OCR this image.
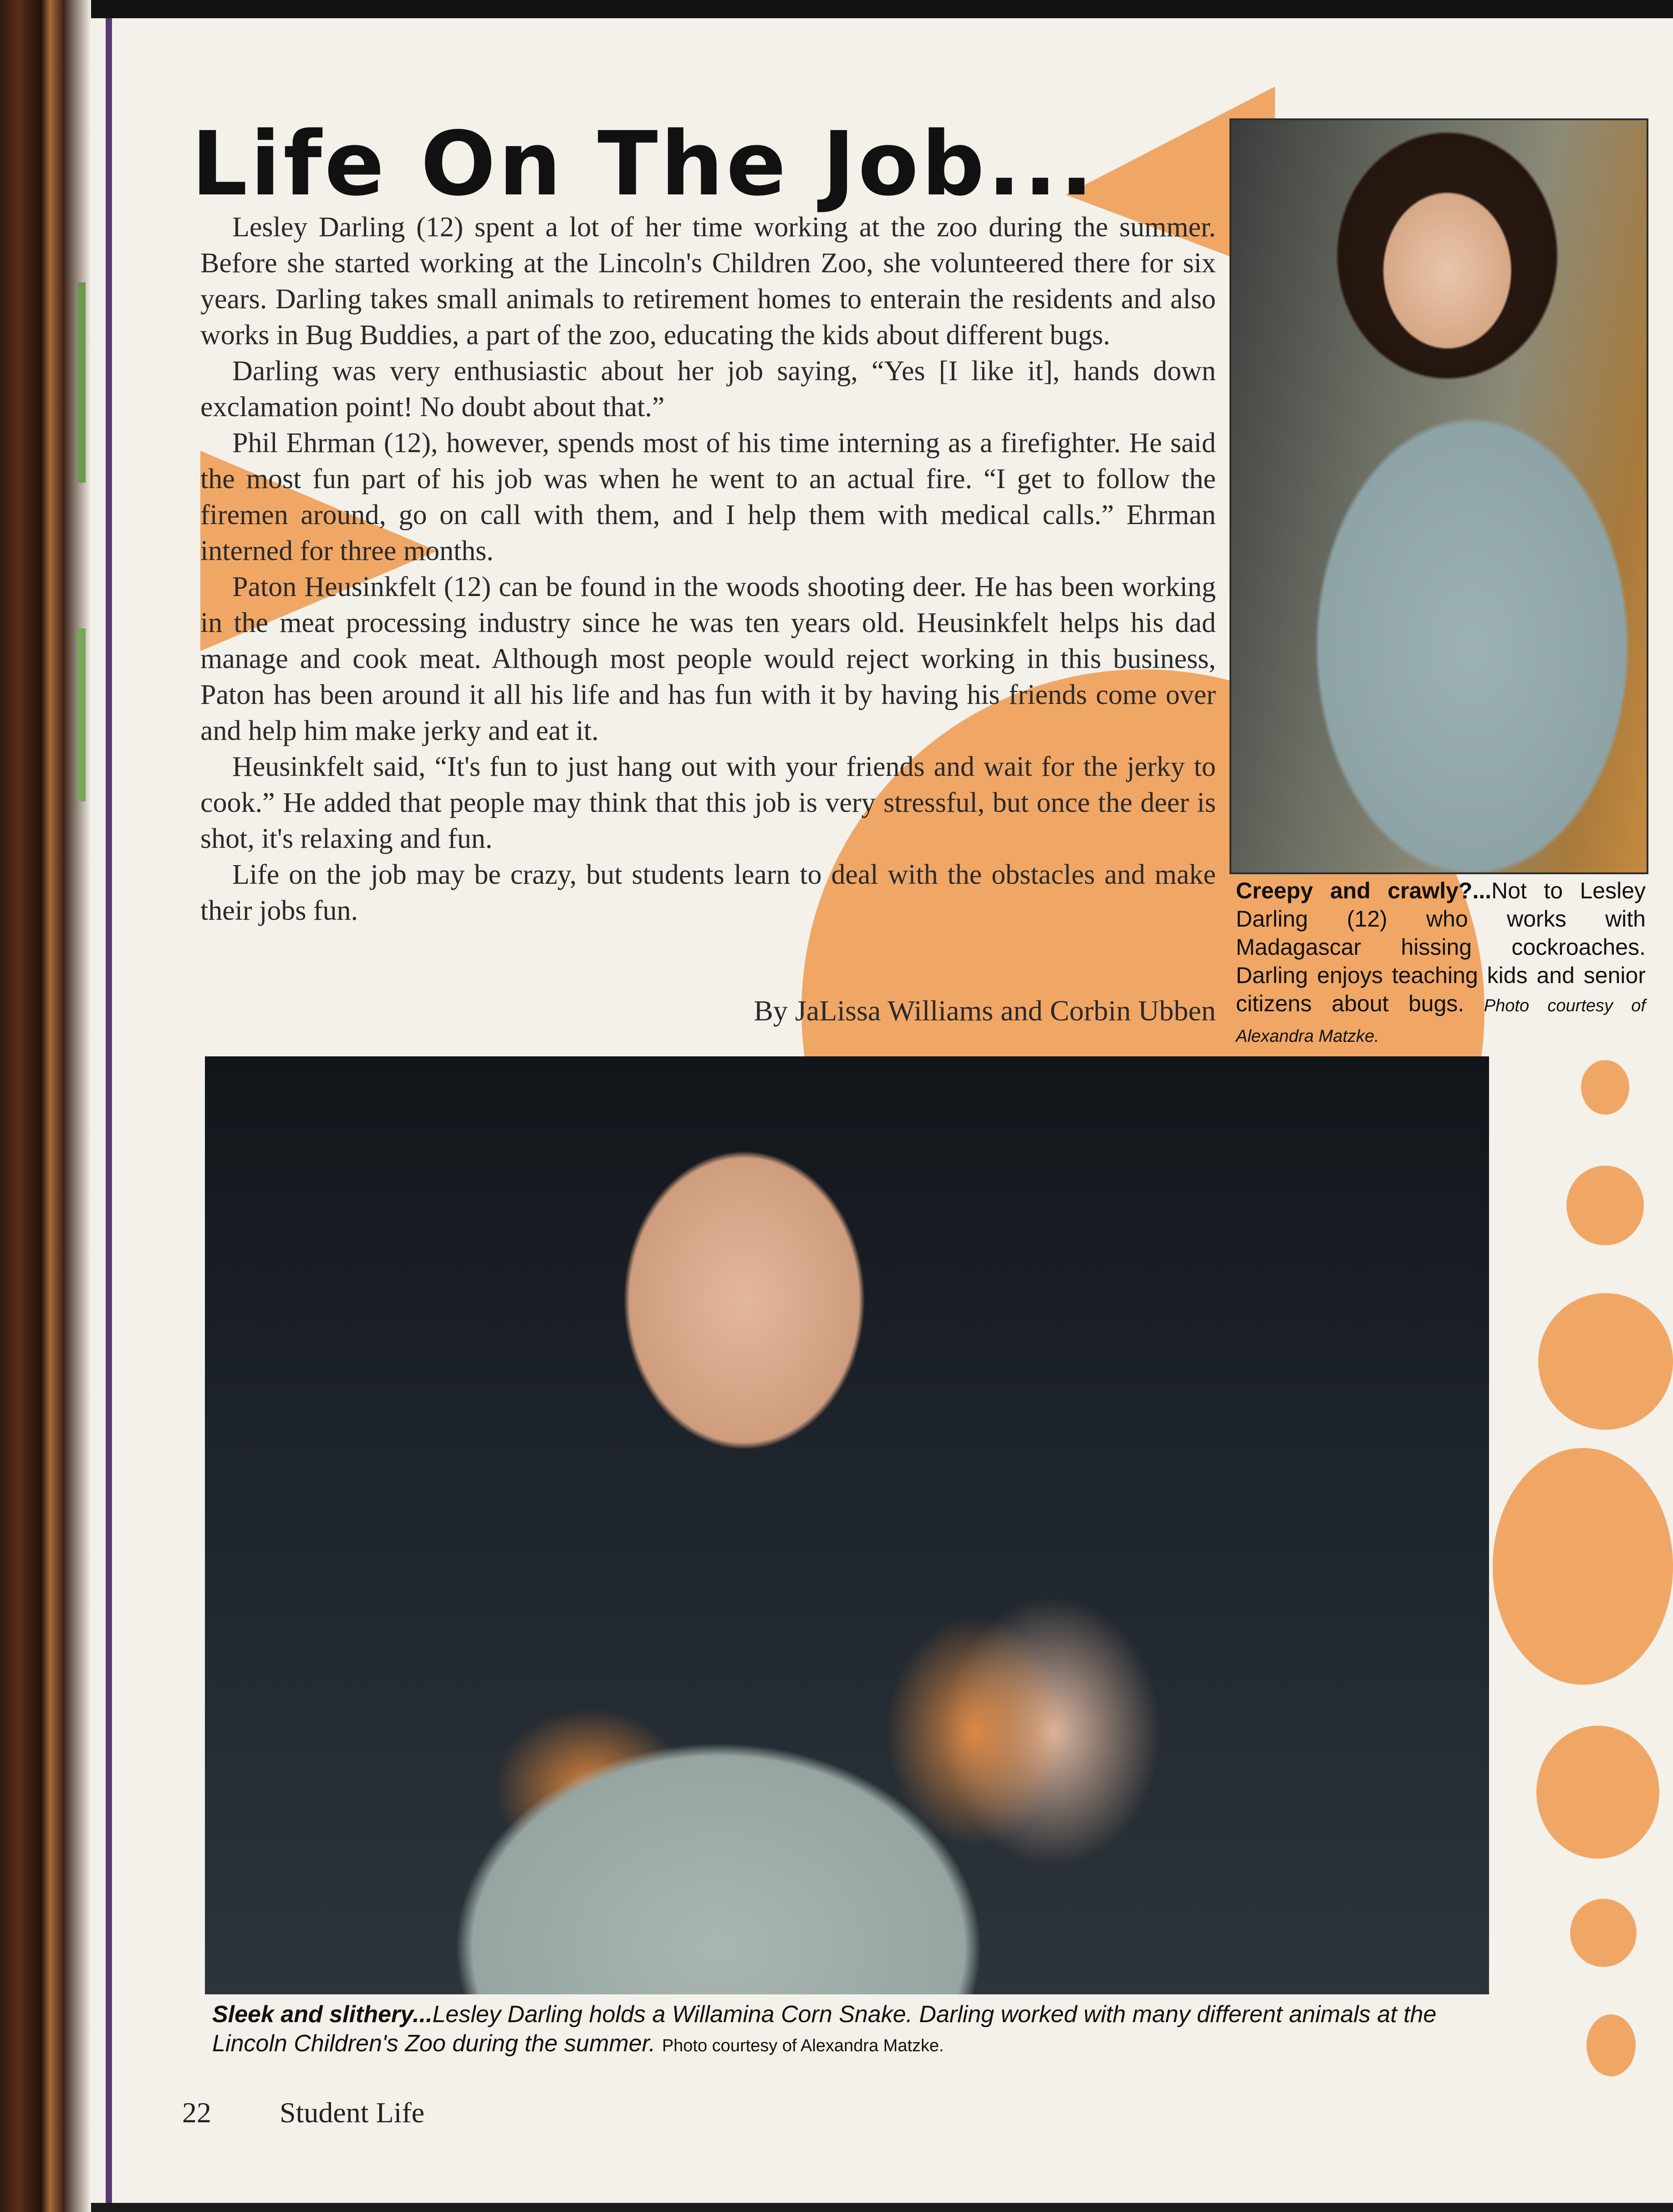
Life On The Job...

Lesley Darling (12) spent a lot of her time working at the zoo during the summer. Before she started working at the Lincoln's Children Zoo, she volunteered there for six years. Darling takes small animals to retirement homes to enterain the residents and also works in Bug Buddies, a part of the zoo, educating the kids about different bugs.

Darling was very enthusiastic about her job saying, “Yes [I like it], hands down exclamation point! No doubt about that.”

Phil Ehrman (12), however, spends most of his time interning as a firefighter. He said the most fun part of his job was when he went to an actual fire. “I get to follow the firemen around, go on call with them, and I help them with medical calls.” Ehrman interned for three months.

Paton Heusinkfelt (12) can be found in the woods shooting deer. He has been working in the meat processing industry since he was ten years old. Heusinkfelt helps his dad manage and cook meat. Although most people would reject working in this business, Paton has been around it all his life and has fun with it by having his friends come over and help him make jerky and eat it.

Heusinkfelt said, “It's fun to just hang out with your friends and wait for the jerky to cook.” He added that people may think that this job is very stressful, but once the deer is shot, it's relaxing and fun.

Life on the job may be crazy, but students learn to deal with the obstacles and make their jobs fun.

By JaLissa Williams and Corbin Ubben
Creepy and crawly?...Not to Lesley Darling (12) who works with Madagascar hissing cockroaches. Darling enjoys teaching kids and senior citizens about bugs. Photo courtesy of Alexandra Matzke.
Sleek and slithery...Lesley Darling holds a Willamina Corn Snake. Darling worked with many different animals at the Lincoln Children's Zoo during the summer. Photo courtesy of Alexandra Matzke.
22 Student Life
